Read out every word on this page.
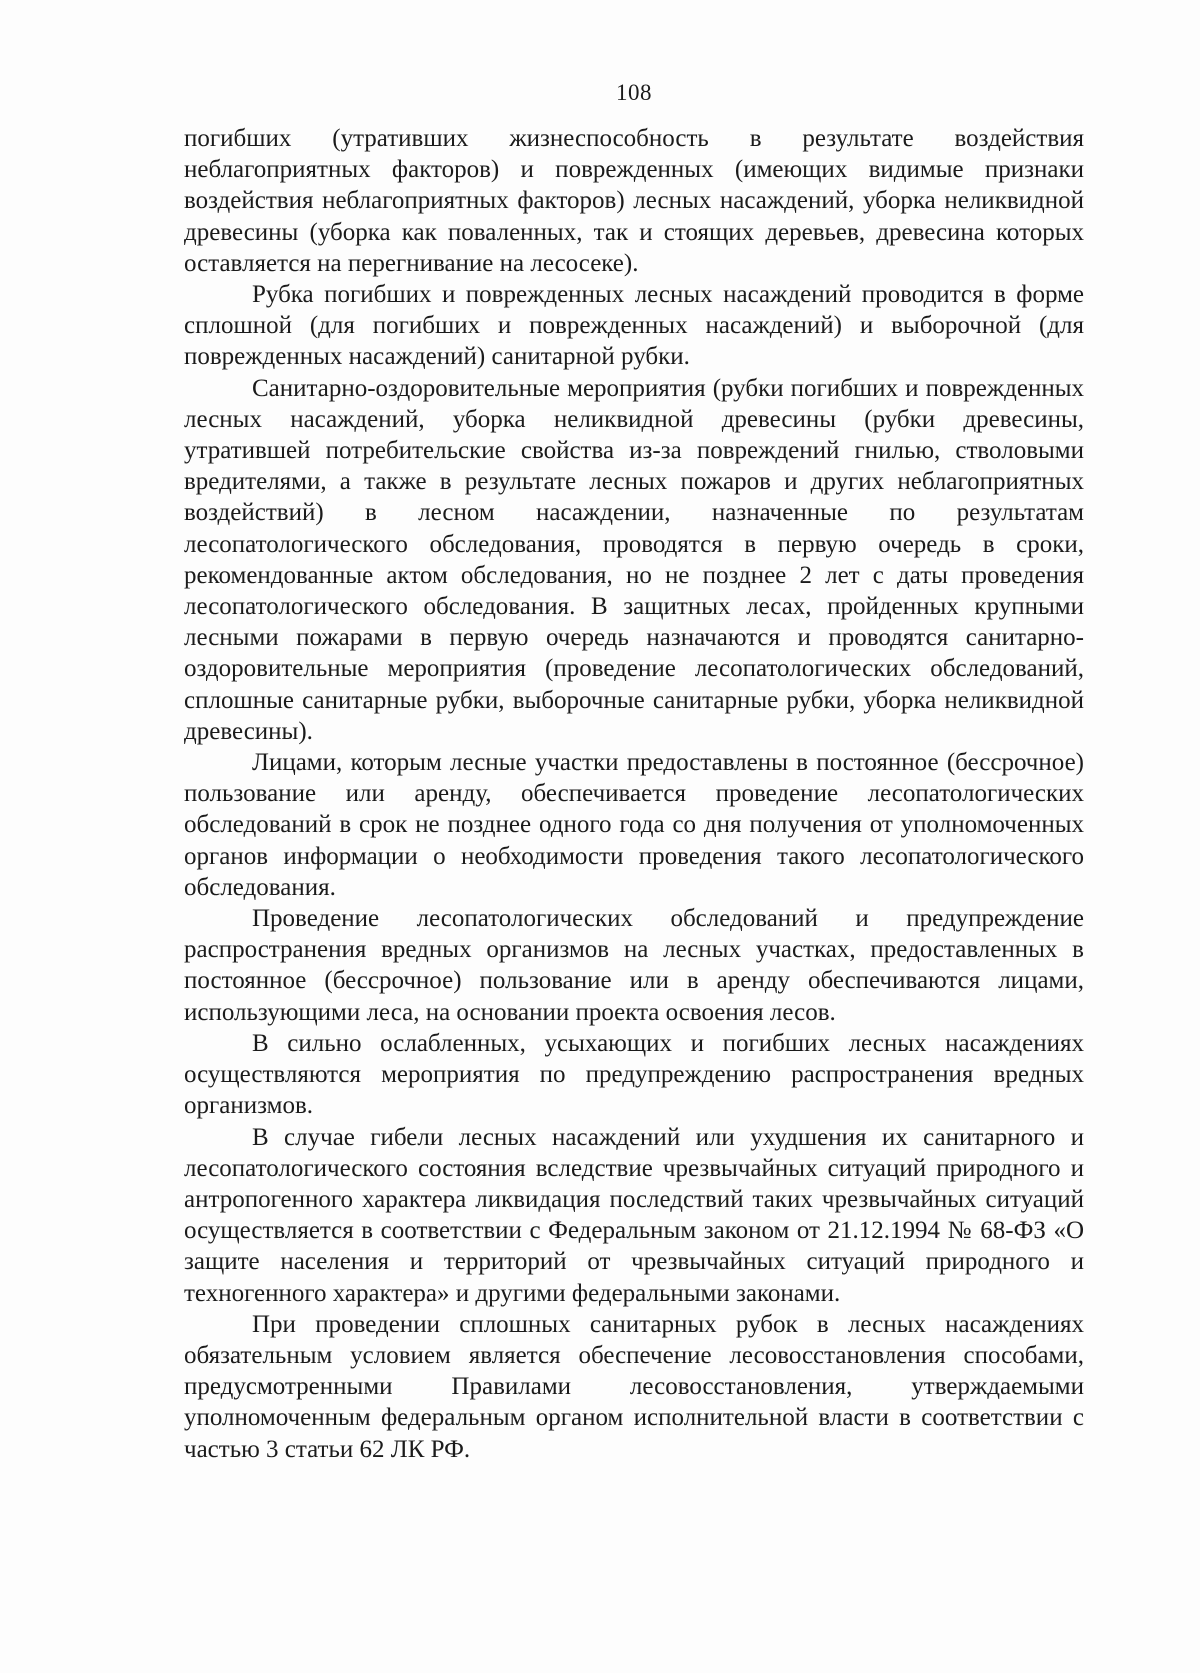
108

погибших (утративших жизнеспособность в результате воздействия неблагоприятных факторов) и поврежденных (имеющих видимые признаки воздействия неблагоприятных факторов) лесных насаждений, уборка неликвидной древесины (уборка как поваленных, так и стоящих деревьев, древесина которых оставляется на перегнивание на лесосеке).

Рубка погибших и поврежденных лесных насаждений проводится в форме сплошной (для погибших и поврежденных насаждений) и выборочной (для поврежденных насаждений) санитарной рубки.

Санитарно-оздоровительные мероприятия (рубки погибших и поврежденных лесных насаждений, уборка неликвидной древесины (рубки древесины, утратившей потребительские свойства из-за повреждений гнилью, стволовыми вредителями, а также в результате лесных пожаров и других неблагоприятных воздействий) в лесном насаждении, назначенные по результатам лесопатологического обследования, проводятся в первую очередь в сроки, рекомендованные актом обследования, но не позднее 2 лет с даты проведения лесопатологического обследования. В защитных лесах, пройденных крупными лесными пожарами в первую очередь назначаются и проводятся санитарно-оздоровительные мероприятия (проведение лесопатологических обследований, сплошные санитарные рубки, выборочные санитарные рубки, уборка неликвидной древесины).

Лицами, которым лесные участки предоставлены в постоянное (бессрочное) пользование или аренду, обеспечивается проведение лесопатологических обследований в срок не позднее одного года со дня получения от уполномоченных органов информации о необходимости проведения такого лесопатологического обследования.

Проведение лесопатологических обследований и предупреждение распространения вредных организмов на лесных участках, предоставленных в постоянное (бессрочное) пользование или в аренду обеспечиваются лицами, использующими леса, на основании проекта освоения лесов.

В сильно ослабленных, усыхающих и погибших лесных насаждениях осуществляются мероприятия по предупреждению распространения вредных организмов.

В случае гибели лесных насаждений или ухудшения их санитарного и лесопатологического состояния вследствие чрезвычайных ситуаций природного и антропогенного характера ликвидация последствий таких чрезвычайных ситуаций осуществляется в соответствии с Федеральным законом от 21.12.1994 № 68-ФЗ «О защите населения и территорий от чрезвычайных ситуаций природного и техногенного характера» и другими федеральными законами.

При проведении сплошных санитарных рубок в лесных насаждениях обязательным условием является обеспечение лесовосстановления способами, предусмотренными Правилами лесовосстановления, утверждаемыми уполномоченным федеральным органом исполнительной власти в соответствии с частью 3 статьи 62 ЛК РФ.
